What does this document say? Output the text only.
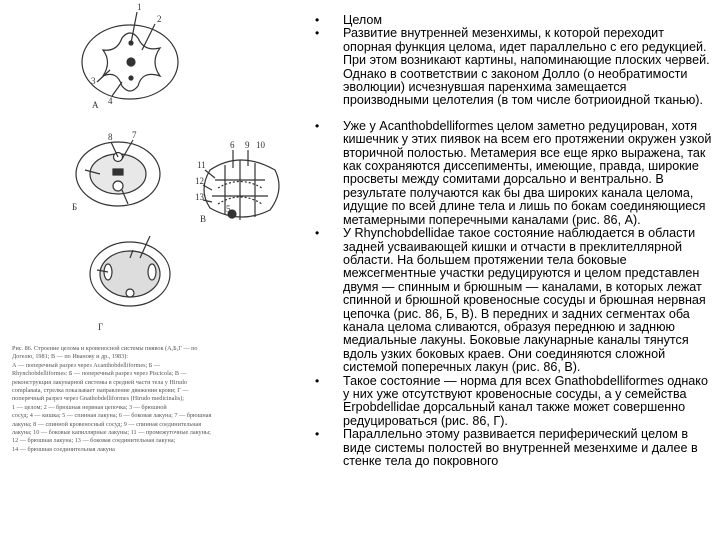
А
Б
В
Г
1
2
3
4
5
6
7
8
9 10
11
12
13
Рис. 86. Строение целома и кровеносной системы пиявок (А,Б,Г — по
Догелю, 1981; В — по Иванову и др., 1983):
А — поперечный разрез через Acanthobdelliformes; Б —
Rhynchobdelliformes: Б — поперечный разрез через Piscicola; В —
реконструкция лакунарной системы в средней части тела у Hirudo
complanata, стрелка показывает направление движения крови; Г —
поперечный разрез через Gnathobdelliformes (Hirudo medicinalis);
1 — целом; 2 — брюшная нервная цепочка; 3 — брюшной
сосуд; 4 — кишка; 5 — спинная лакуна; 6 — боковая лакуна; 7 — брюшная
лакуна; 8 — спинной кровеносный сосуд; 9 — спинная соединительная
лакуна; 10 — боковые капиллярные лакуны; 11 — промежуточные лакуны;
12 — брюшная лакуна; 13 — боковая соединительная лакуна;
14 — брюшная соединительная лакуна
• Целом
• Развитие внутренней мезенхимы, к которой переходит опорная функция целома, идет параллельно с его редукцией. При этом возникают картины, напоминающие плоских червей. Однако в соответствии с законом Долло (о необратимости эволюции) исчезнувшая паренхима замещается производными целотелия (в том числе ботриоидной тканью).
• Уже у Acanthobdelliformes целом заметно редуцирован, хотя кишечник у этих пиявок на всем его протяжении окружен узкой вторичной полостью. Метамерия все еще ярко выражена, так как сохраняются диссепименты, имеющие, правда, широкие просветы между сомитами дорсально и вентрально. В результате получаются как бы два широких канала целома, идущие по всей длине тела и лишь по бокам соединяющиеся метамерными поперечными каналами (рис. 86, А).
• У Rhynchobdellidae такое состояние наблюдается в области задней усваивающей кишки и отчасти в преклителлярной области. На большем протяжении тела боковые межсегментные участки редуцируются и целом представлен двумя — спинным и брюшным — каналами, в которых лежат спинной и брюшной кровеносные сосуды и брюшная нервная цепочка (рис. 86, Б, В). В передних и задних сегментах оба канала целома сливаются, образуя переднюю и заднюю медиальные лакуны. Боковые лакунарные каналы тянутся вдоль узких боковых краев. Они соединяются сложной системой поперечных лакун (рис. 86, В).
• Такое состояние — норма для всех Gnathobdelliformes однако у них уже отсутствуют кровеносные сосуды, а у семейства Erpobdellidae дорсальный канал также может совершенно редуцироваться (рис. 86, Г).
• Параллельно этому развивается периферический целом в виде системы полостей во внутренней мезенхиме и далее в стенке тела до покровного
